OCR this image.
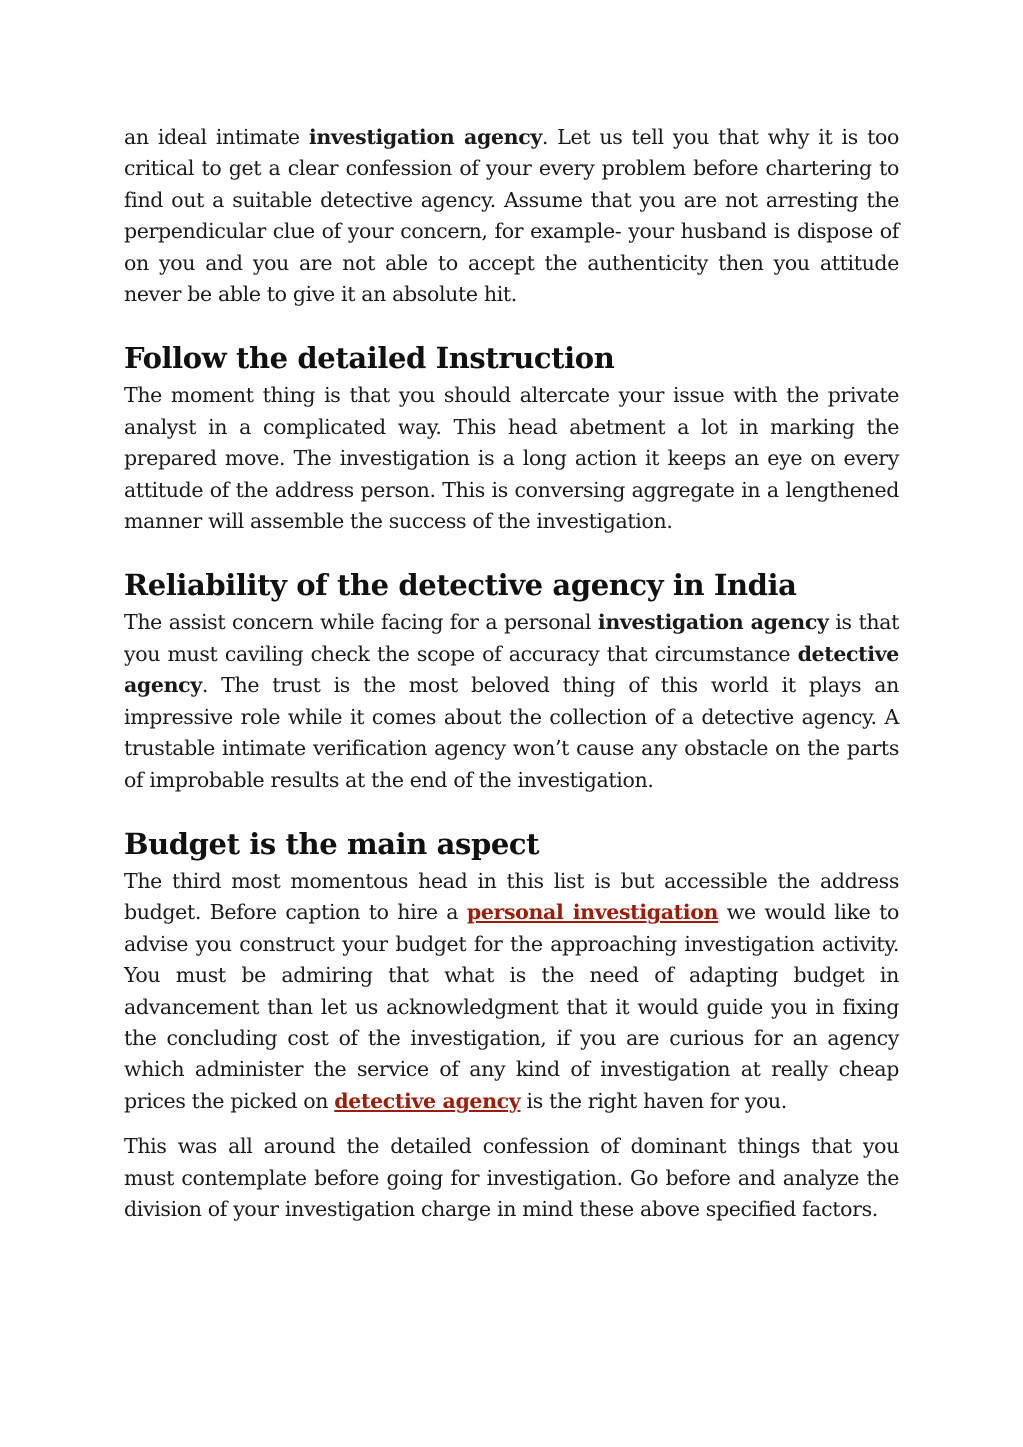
an ideal intimate investigation agency. Let us tell you that why it is too critical to get a clear confession of your every problem before chartering to find out a suitable detective agency. Assume that you are not arresting the perpendicular clue of your concern, for example- your husband is dispose of on you and you are not able to accept the authenticity then you attitude never be able to give it an absolute hit.

Follow the detailed Instruction

The moment thing is that you should altercate your issue with the private analyst in a complicated way. This head abetment a lot in marking the prepared move. The investigation is a long action it keeps an eye on every attitude of the address person. This is conversing aggregate in a lengthened manner will assemble the success of the investigation.

Reliability of the detective agency in India

The assist concern while facing for a personal investigation agency is that you must caviling check the scope of accuracy that circumstance detective agency. The trust is the most beloved thing of this world it plays an impressive role while it comes about the collection of a detective agency. A trustable intimate verification agency won’t cause any obstacle on the parts of improbable results at the end of the investigation.

Budget is the main aspect

The third most momentous head in this list is but accessible the address budget. Before caption to hire a personal investigation we would like to advise you construct your budget for the approaching investigation activity. You must be admiring that what is the need of adapting budget in advancement than let us acknowledgment that it would guide you in fixing the concluding cost of the investigation, if you are curious for an agency which administer the service of any kind of investigation at really cheap prices the picked on detective agency is the right haven for you.

This was all around the detailed confession of dominant things that you must contemplate before going for investigation. Go before and analyze the division of your investigation charge in mind these above specified factors.
